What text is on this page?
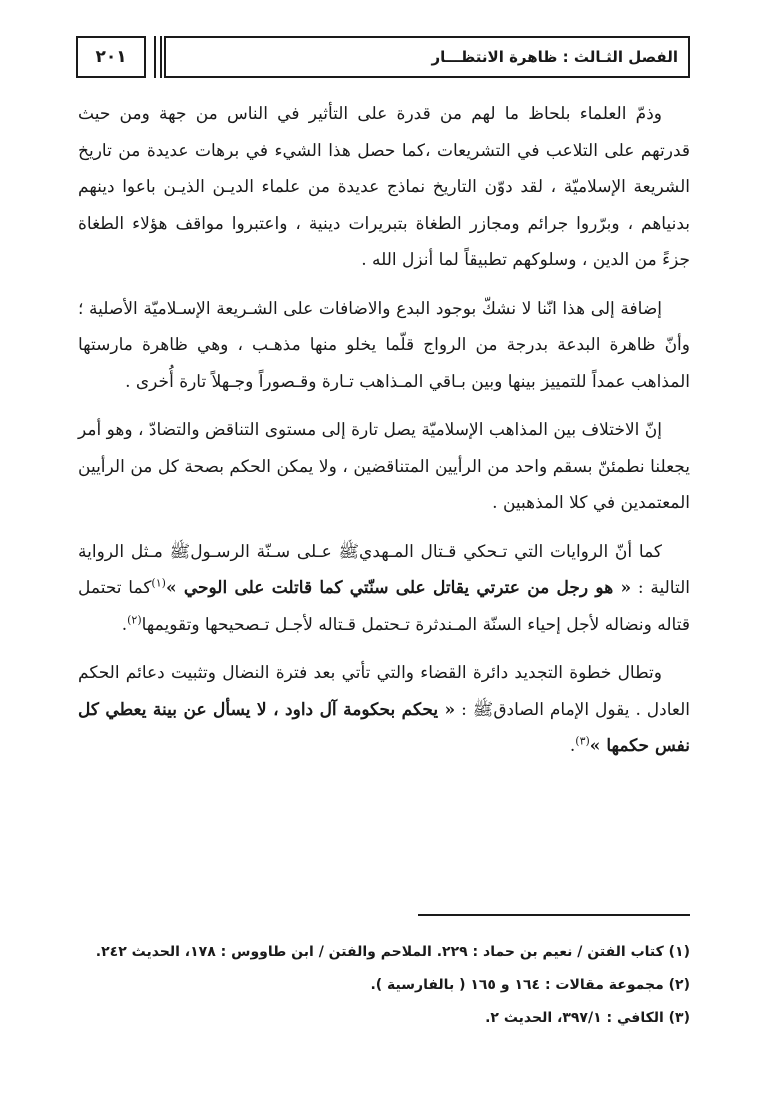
٢٠١	الفصل الثـالث : ظاهرة الانتظـــار

وذمّ العلماء بلحاظ ما لهم من قدرة على التأثير في الناس من جهة ومن حيث قدرتهم على التلاعب في التشريعات ،كما حصل هذا الشيء في برهات عديدة من تاريخ الشريعة الإسلاميّة ، لقد دوّن التاريخ نماذج عديدة من علماء الديـن الذيـن باعوا دينهم بدنياهم ، وبرّروا جرائم ومجازر الطغاة بتبريرات دينية ، واعتبروا مواقف هؤلاء الطغاة جزءً من الدين ، وسلوكهم تطبيقاً لما أنزل الله .

إضافة إلى هذا انّنا لا نشكّ بوجود البدع والاضافات على الشـريعة الإسـلاميّة الأصلية ؛ وأنّ ظاهرة البدعة بدرجة من الرواج قلّما يخلو منها مذهـب ، وهي ظاهرة مارستها المذاهب عمداً للتمييز بينها وبين بـاقي المـذاهب تـارة وقـصوراً وجـهلاً تارة أُخرى .

إنّ الاختلاف بين المذاهب الإسلاميّة يصل تارة إلى مستوى التناقض والتضادّ ، وهو أمر يجعلنا نطمئنّ بسقم واحد من الرأيين المتناقضين ، ولا يمكن الحكم بصحة كل من الرأيين المعتمدين في كلا المذهبين .

كما أنّ الروايات التي تـحكي قـتال المـهديﷺ عـلى سـنّة الرسـولﷺ مـثل الرواية التالية : « هو رجل من عترتي يقاتل على سنّتي كما قاتلت على الوحي »$^{(١)}$كما تحتمل قتاله ونضاله لأجل إحياء السنّة المـندثرة تـحتمل قـتاله لأجـل تـصحيحها وتقويمها$^{(٢)}$.

وتطال خطوة التجديد دائرة القضاء والتي تأتي بعد فترة النضال وتثبيت دعائم الحكم العادل . يقول الإمام الصادقﷺ : « يحكم بحكومة آل داود ، لا يسأل عن بينة يعطي كل نفس حكمها »$^{(٣)}$.

(١) كتاب الفتن / نعيم بن حماد : ٢٢٩. الملاحم والفتن / ابن طاووس : ١٧٨، الحديث ٢٤٢.
(٢) مجموعة مقالات : ١٦٤ و ١٦٥ ( بالفارسية ).
(٣) الكافي : ٣٩٧/١، الحديث ٢.
